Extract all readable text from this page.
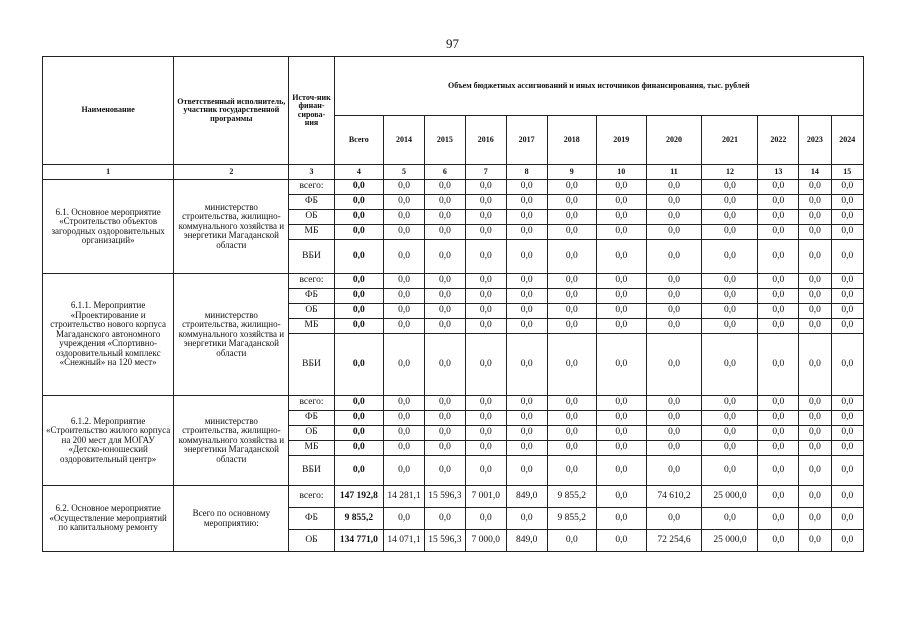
97
Наименование	Ответственный исполнитель, участник государственной программы	Источ-ник финан-сирова-ния	Объем бюджетных ассигнований и иных источников финансирования, тыс. рублей											
			Всего	2014	2015	2016	2017	2018	2019	2020	2021	2022	2023	2024
1	2	3	4	5	6	7	8	9	10	11	12	13	14	15
6.1. Основное мероприятие «Строительство объектов загородных оздоровительных организаций»	министерство строительства, жилищно-коммунального хозяйства и энергетики Магаданской области	всего:	0,0	0,0	0,0	0,0	0,0	0,0	0,0	0,0	0,0	0,0	0,0	0,0
		ФБ	0,0	0,0	0,0	0,0	0,0	0,0	0,0	0,0	0,0	0,0	0,0	0,0
		ОБ	0,0	0,0	0,0	0,0	0,0	0,0	0,0	0,0	0,0	0,0	0,0	0,0
		МБ	0,0	0,0	0,0	0,0	0,0	0,0	0,0	0,0	0,0	0,0	0,0	0,0
		ВБИ	0,0	0,0	0,0	0,0	0,0	0,0	0,0	0,0	0,0	0,0	0,0	0,0
6.1.1. Мероприятие «Проектирование и строительство нового корпуса Магаданского автономного учреждения «Спортивно-оздоровительный комплекс «Снежный» на 120 мест»	министерство строительства, жилищно-коммунального хозяйства и энергетики Магаданской области	всего:	0,0	0,0	0,0	0,0	0,0	0,0	0,0	0,0	0,0	0,0	0,0	0,0
		ФБ	0,0	0,0	0,0	0,0	0,0	0,0	0,0	0,0	0,0	0,0	0,0	0,0
		ОБ	0,0	0,0	0,0	0,0	0,0	0,0	0,0	0,0	0,0	0,0	0,0	0,0
		МБ	0,0	0,0	0,0	0,0	0,0	0,0	0,0	0,0	0,0	0,0	0,0	0,0
		ВБИ	0,0	0,0	0,0	0,0	0,0	0,0	0,0	0,0	0,0	0,0	0,0	0,0
6.1.2. Мероприятие «Строительство жилого корпуса на 200 мест для МОГАУ «Детско-юношеский оздоровительный центр»	министерство строительства, жилищно-коммунального хозяйства и энергетики Магаданской области	всего:	0,0	0,0	0,0	0,0	0,0	0,0	0,0	0,0	0,0	0,0	0,0	0,0
		ФБ	0,0	0,0	0,0	0,0	0,0	0,0	0,0	0,0	0,0	0,0	0,0	0,0
		ОБ	0,0	0,0	0,0	0,0	0,0	0,0	0,0	0,0	0,0	0,0	0,0	0,0
		МБ	0,0	0,0	0,0	0,0	0,0	0,0	0,0	0,0	0,0	0,0	0,0	0,0
		ВБИ	0,0	0,0	0,0	0,0	0,0	0,0	0,0	0,0	0,0	0,0	0,0	0,0
6.2. Основное мероприятие «Осуществление мероприятий по капитальному ремонту	Всего по основному мероприятию:	всего:	147 192,8	14 281,1	15 596,3	7 001,0	849,0	9 855,2	0,0	74 610,2	25 000,0	0,0	0,0	0,0
		ФБ	9 855,2	0,0	0,0	0,0	0,0	9 855,2	0,0	0,0	0,0	0,0	0,0	0,0
		ОБ	134 771,0	14 071,1	15 596,3	7 000,0	849,0	0,0	0,0	72 254,6	25 000,0	0,0	0,0	0,0
